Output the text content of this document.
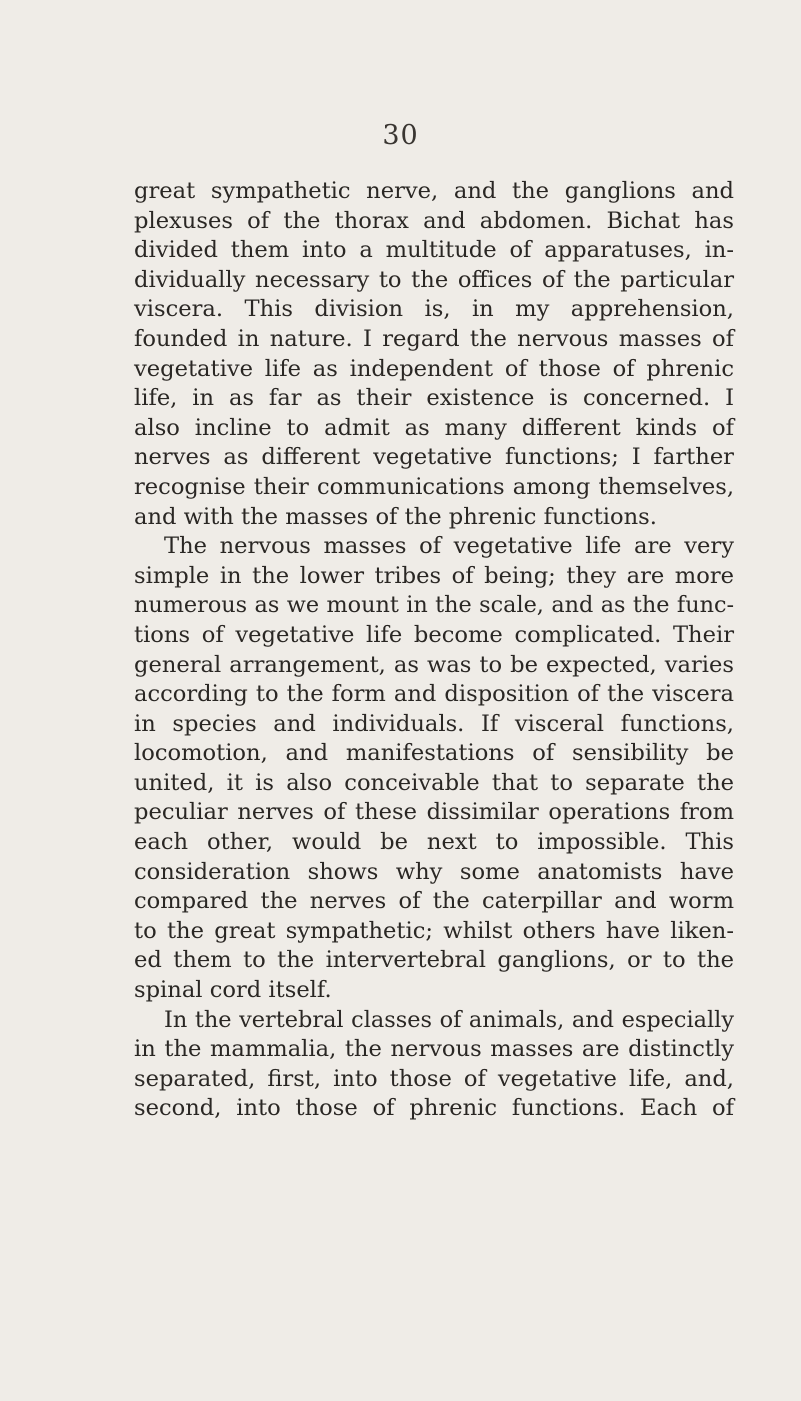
30
great sympathetic nerve, and the ganglions and
plexuses of the thorax and abdomen. Bichat has
divided them into a multitude of apparatuses, in-
dividually necessary to the offices of the particular
viscera. This division is, in my apprehension,
founded in nature. I regard the nervous masses of
vegetative life as independent of those of phrenic
life, in as far as their existence is concerned. I
also incline to admit as many different kinds of
nerves as different vegetative functions; I farther
recognise their communications among themselves,
and with the masses of the phrenic functions.
The nervous masses of vegetative life are very
simple in the lower tribes of being; they are more
numerous as we mount in the scale, and as the func-
tions of vegetative life become complicated. Their
general arrangement, as was to be expected, varies
according to the form and disposition of the viscera
in species and individuals. If visceral functions,
locomotion, and manifestations of sensibility be
united, it is also conceivable that to separate the
peculiar nerves of these dissimilar operations from
each other, would be next to impossible. This
consideration shows why some anatomists have
compared the nerves of the caterpillar and worm
to the great sympathetic; whilst others have liken-
ed them to the intervertebral ganglions, or to the
spinal cord itself.
In the vertebral classes of animals, and especially
in the mammalia, the nervous masses are distinctly
separated, first, into those of vegetative life, and,
second, into those of phrenic functions. Each of
